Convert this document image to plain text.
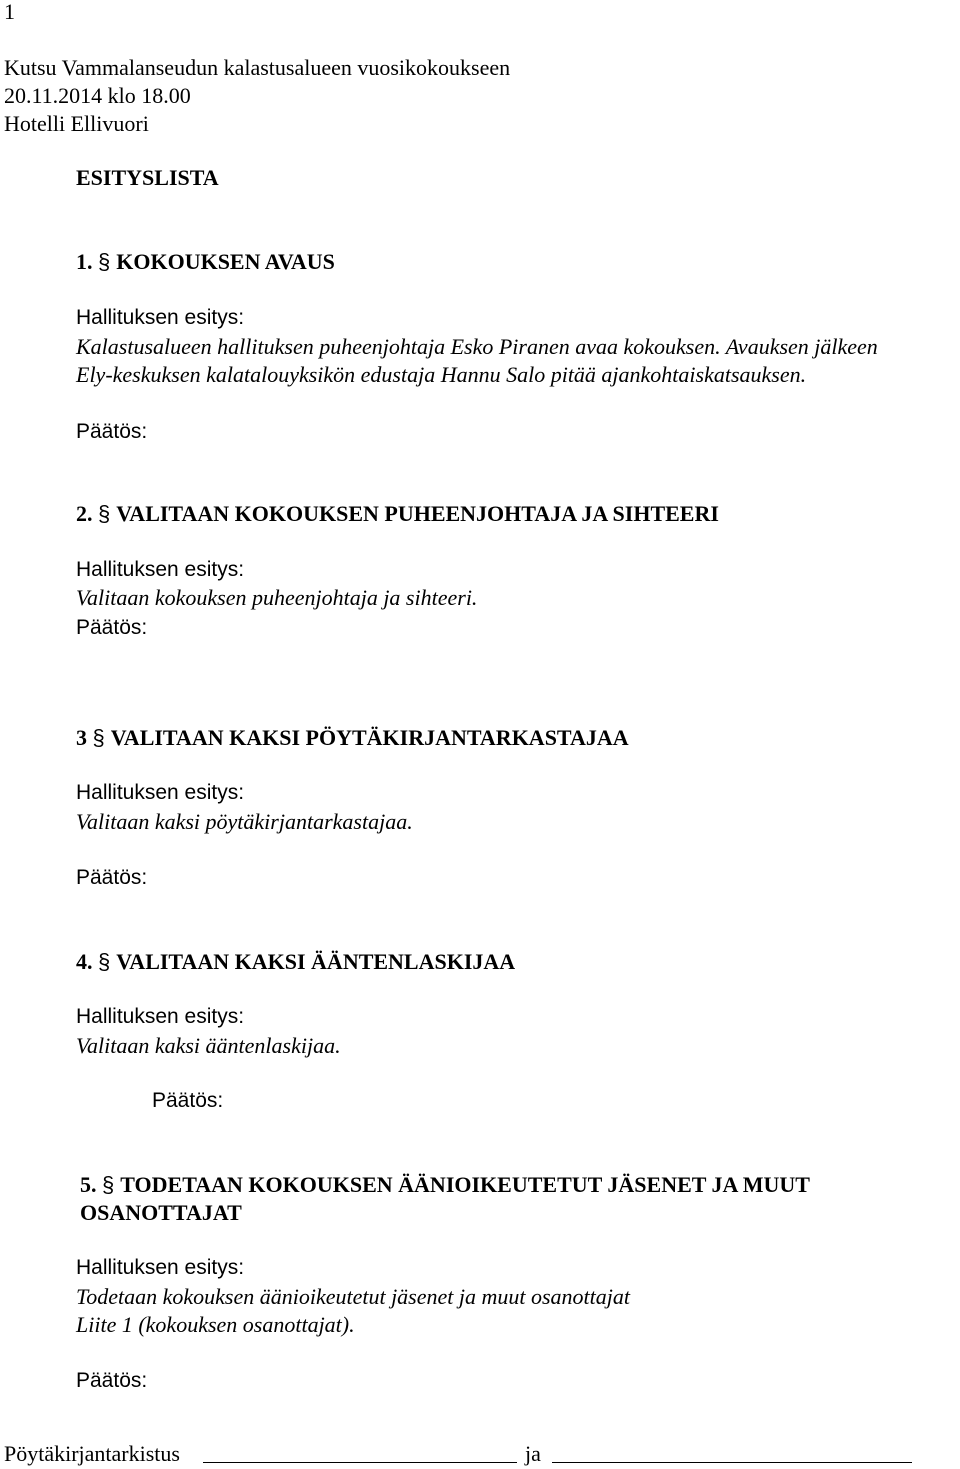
1
Kutsu Vammalanseudun kalastusalueen vuosikokoukseen
20.11.2014 klo 18.00
Hotelli Ellivuori
ESITYSLISTA
1. § KOKOUKSEN AVAUS
Hallituksen esitys:
Kalastusalueen hallituksen puheenjohtaja Esko Piranen avaa kokouksen. Avauksen jälkeen
Ely-keskuksen kalatalouyksikön edustaja Hannu Salo pitää ajankohtaiskatsauksen.
Päätös:
2. § VALITAAN KOKOUKSEN PUHEENJOHTAJA JA SIHTEERI
Hallituksen esitys:
Valitaan kokouksen puheenjohtaja ja sihteeri.
Päätös:
3 § VALITAAN KAKSI PÖYTÄKIRJANTARKASTAJAA
Hallituksen esitys:
Valitaan kaksi pöytäkirjantarkastajaa.
Päätös:
4. § VALITAAN KAKSI ÄÄNTENLASKIJAA
Hallituksen esitys:
Valitaan kaksi ääntenlaskijaa.
Päätös:
5. § TODETAAN KOKOUKSEN ÄÄNIOIKEUTETUT JÄSENET JA MUUT
OSANOTTAJAT
Hallituksen esitys:
Todetaan kokouksen äänioikeutetut jäsenet ja muut osanottajat
Liite 1 (kokouksen osanottajat).
Päätös:
Pöytäkirjantarkistus	ja
